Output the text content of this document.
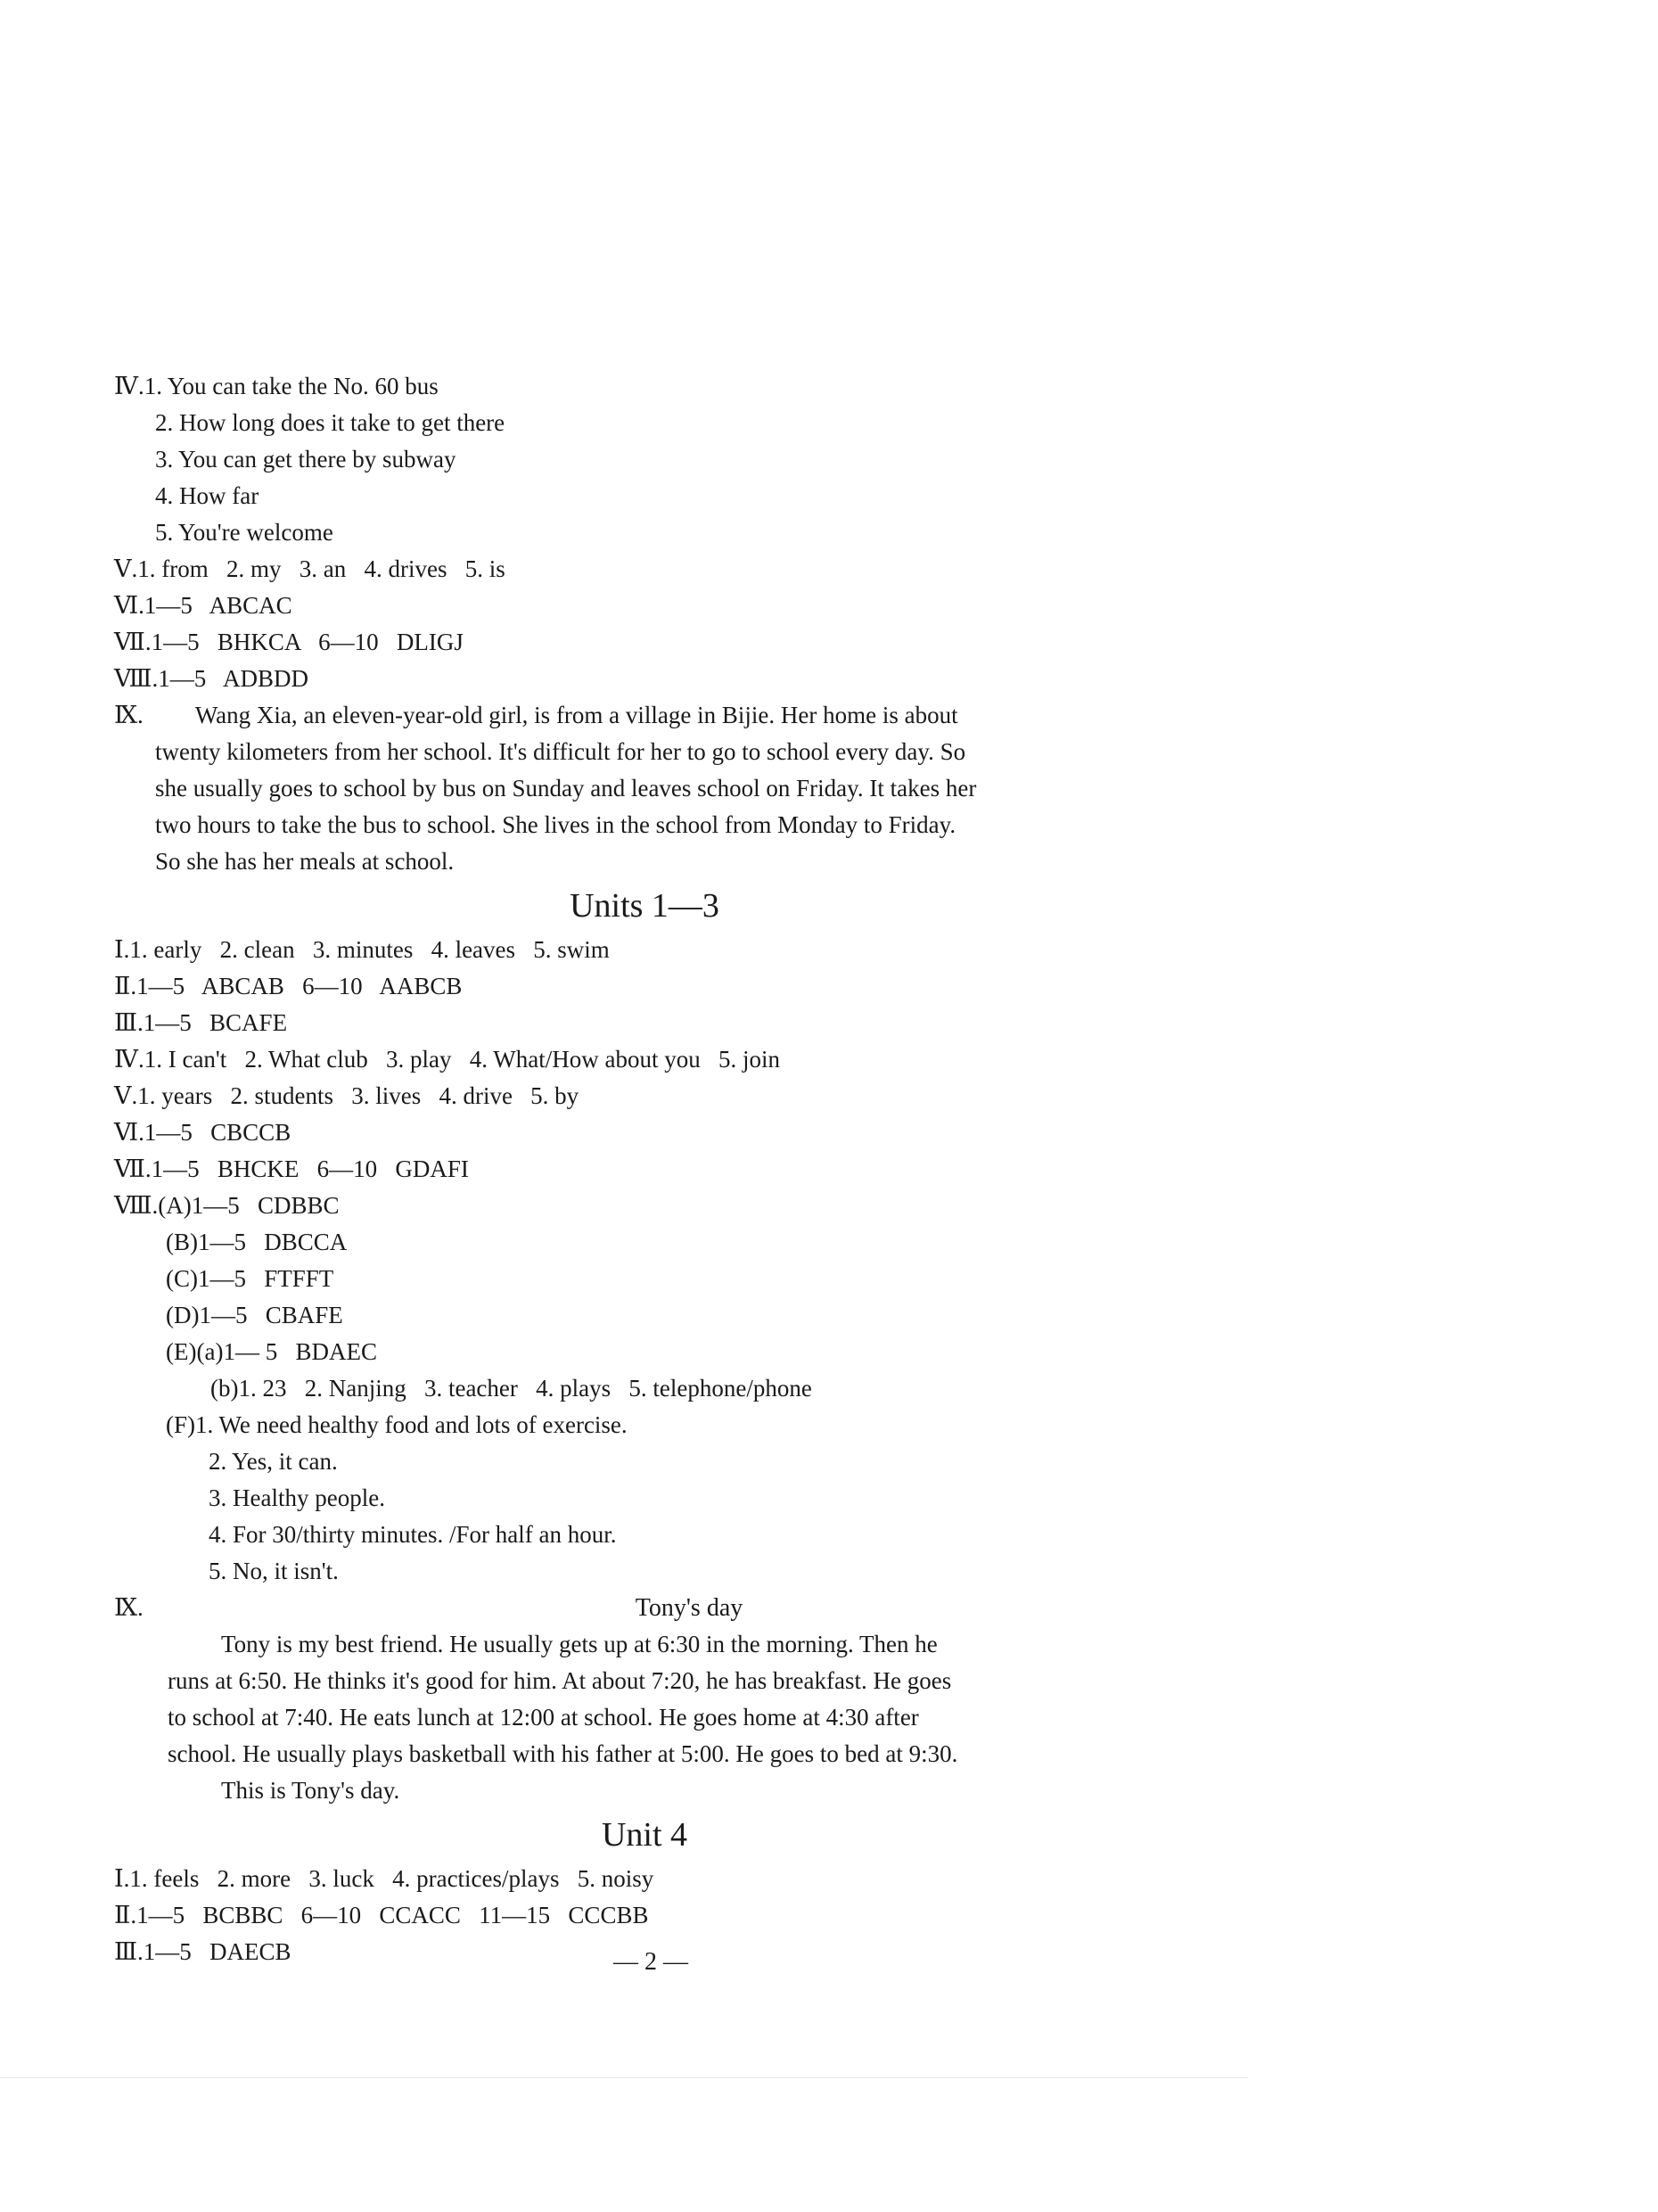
Ⅳ.1. You can take the No. 60 bus
2. How long does it take to get there
3. You can get there by subway
4. How far
5. You're welcome
Ⅴ.1. from   2. my   3. an   4. drives   5. is
Ⅵ.1—5   ABCAC
Ⅶ.1—5   BHKCA   6—10   DLIGJ
Ⅷ.1—5   ADBDD
Ⅸ. Wang Xia, an eleven-year-old girl, is from a village in Bijie. Her home is about
twenty kilometers from her school. It's difficult for her to go to school every day. So
she usually goes to school by bus on Sunday and leaves school on Friday. It takes her
two hours to take the bus to school. She lives in the school from Monday to Friday.
So she has her meals at school.
Units 1—3
Ⅰ.1. early   2. clean   3. minutes   4. leaves   5. swim
Ⅱ.1—5   ABCAB   6—10   AABCB
Ⅲ.1—5   BCAFE
Ⅳ.1. I can't   2. What club   3. play   4. What/How about you   5. join
Ⅴ.1. years   2. students   3. lives   4. drive   5. by
Ⅵ.1—5   CBCCB
Ⅶ.1—5   BHCKE   6—10   GDAFI
Ⅷ.(A)1—5   CDBBC
(B)1—5   DBCCA
(C)1—5   FTFFT
(D)1—5   CBAFE
(E)(a)1— 5   BDAEC
(b)1. 23   2. Nanjing   3. teacher   4. plays   5. telephone/phone
(F)1. We need healthy food and lots of exercise.
2. Yes, it can.
3. Healthy people.
4. For 30/thirty minutes. /For half an hour.
5. No, it isn't.
Ⅸ.	Tony's day
Tony is my best friend. He usually gets up at 6:30 in the morning. Then he
runs at 6:50. He thinks it's good for him. At about 7:20, he has breakfast. He goes
to school at 7:40. He eats lunch at 12:00 at school. He goes home at 4:30 after
school. He usually plays basketball with his father at 5:00. He goes to bed at 9:30.
This is Tony's day.
Unit 4
Ⅰ.1. feels   2. more   3. luck   4. practices/plays   5. noisy
Ⅱ.1—5   BCBBC   6—10   CCACC   11—15   CCCBB
Ⅲ.1—5   DAECB	— 2 —
